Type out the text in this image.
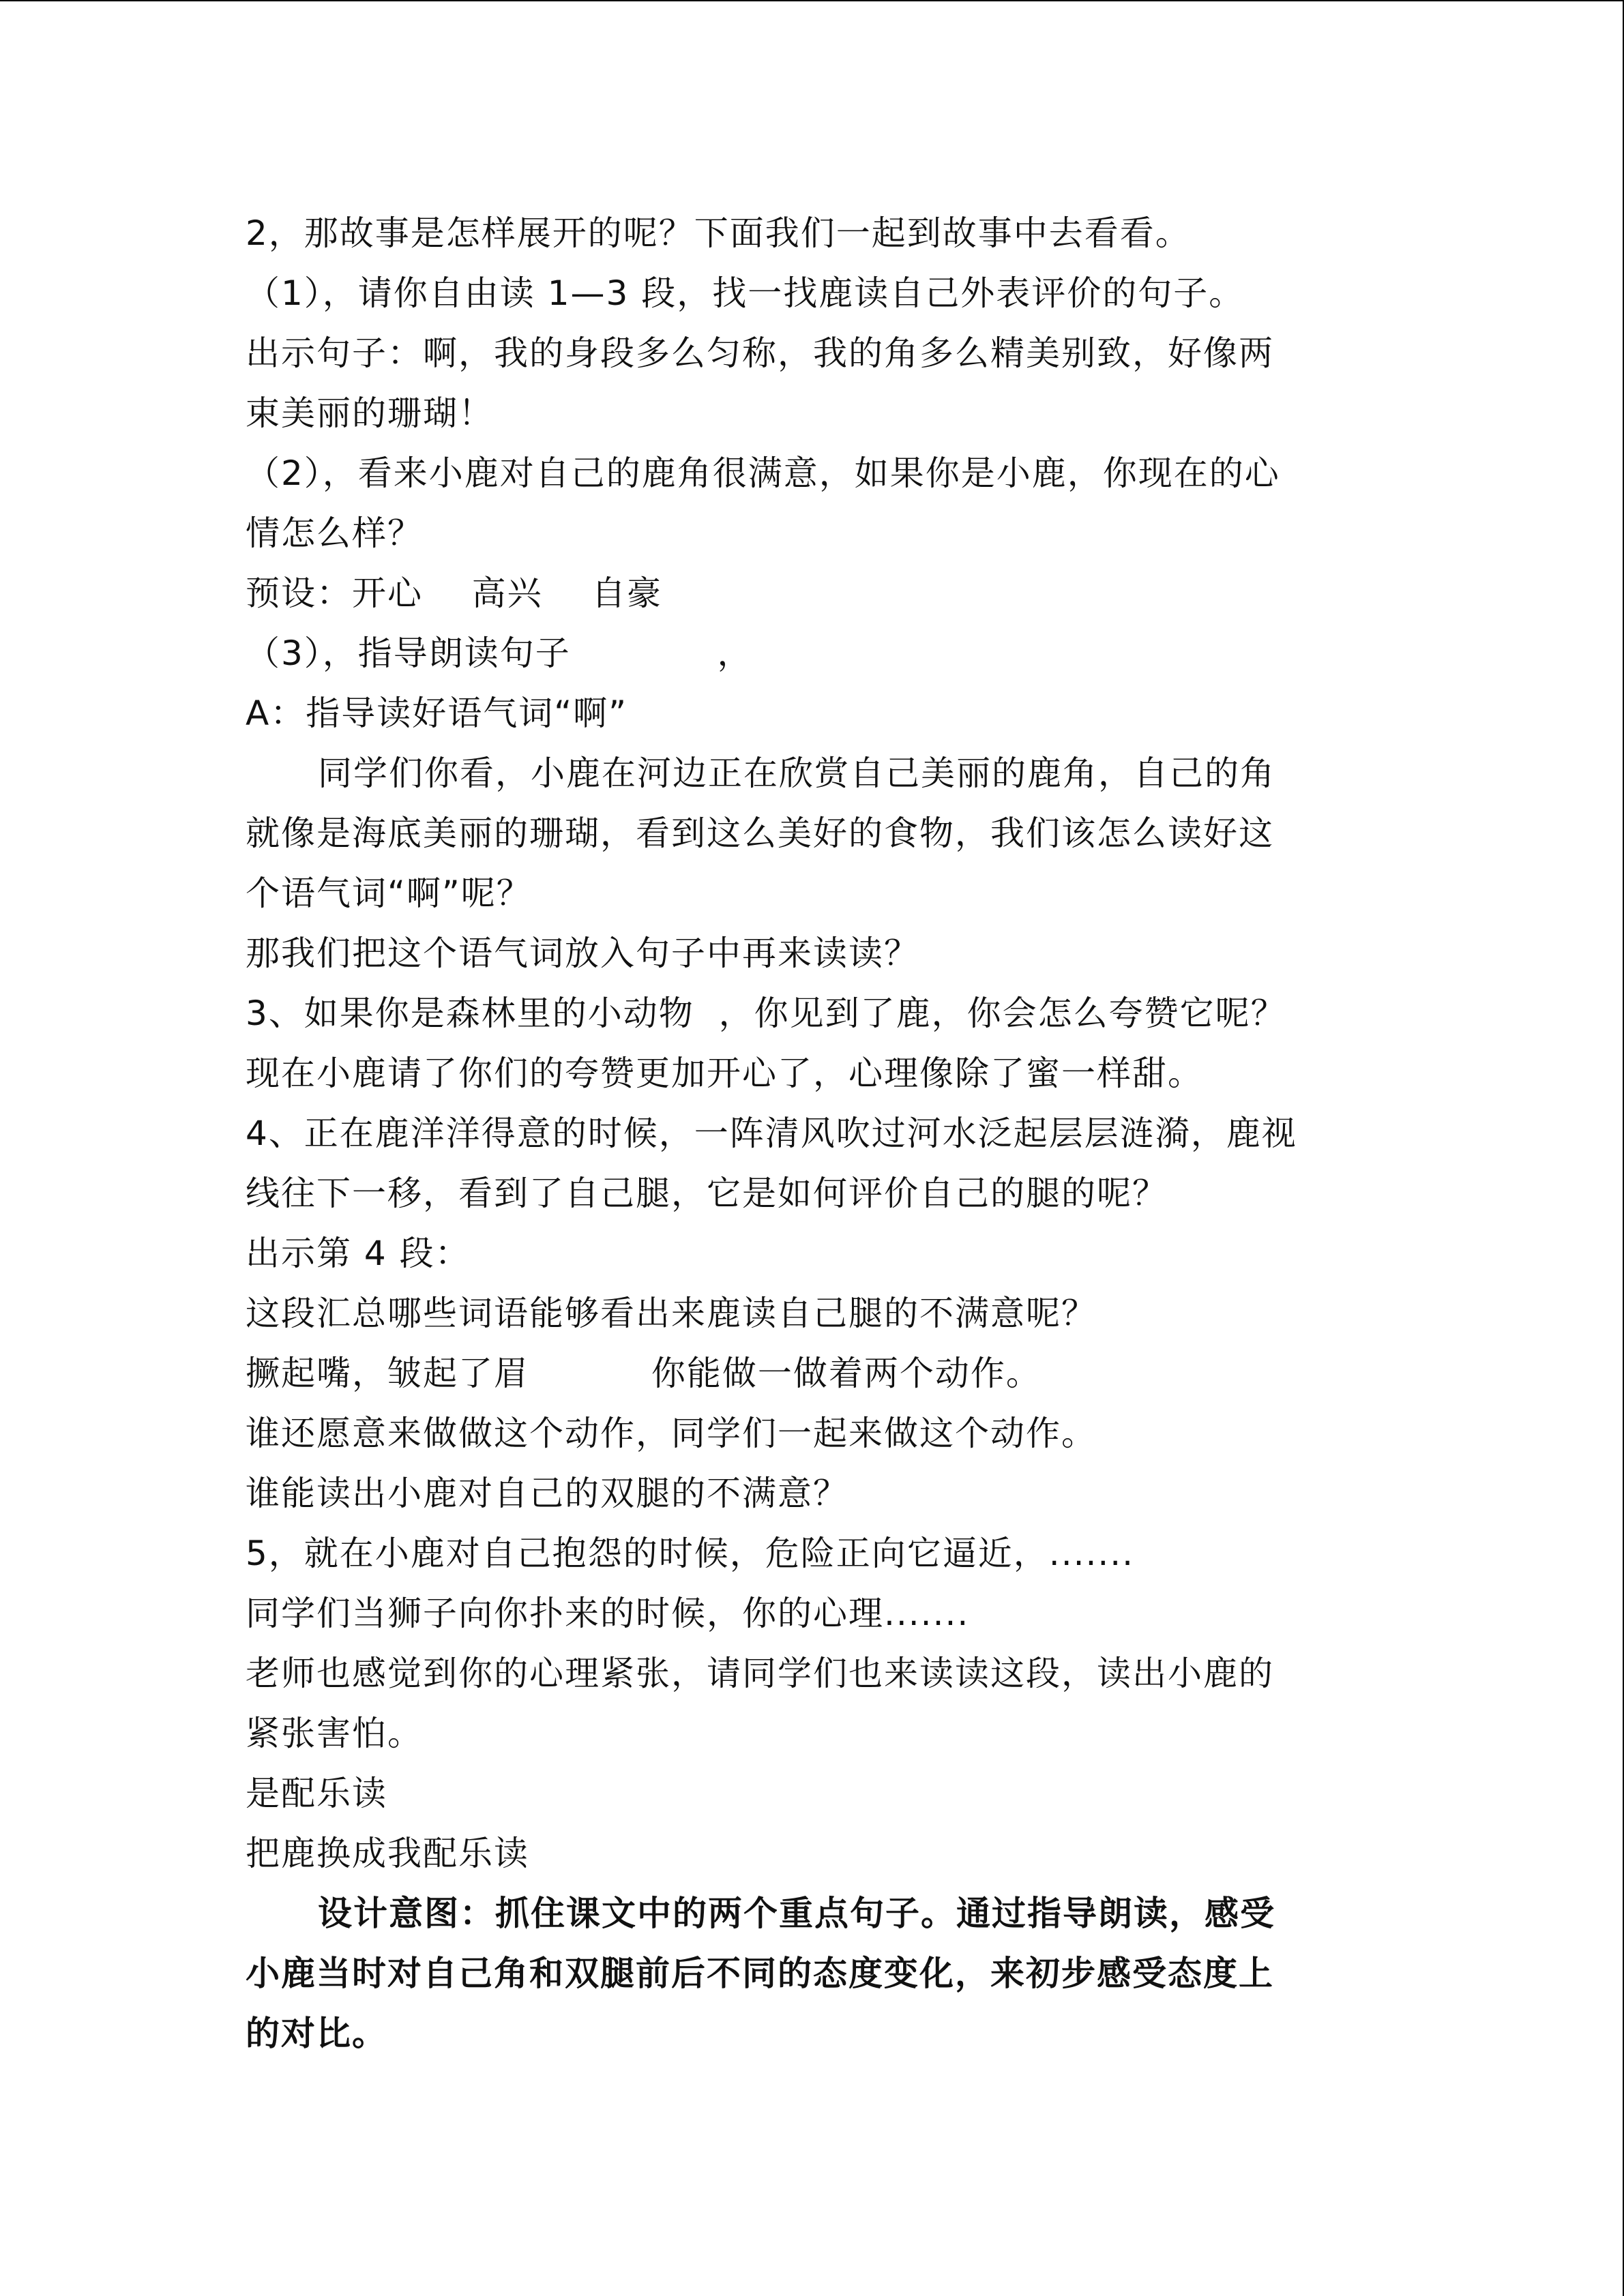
2，那故事是怎样展开的呢？下面我们一起到故事中去看看。
（1），请你自由读 1—3 段，找一找鹿读自己外表评价的句子。
出示句子：啊，我的身段多么匀称，我的角多么精美别致，好像两
束美丽的珊瑚！
（2），看来小鹿对自己的鹿角很满意，如果你是小鹿，你现在的心
情怎么样？
预设：开心    高兴    自豪
（3），指导朗读句子            ，
A：指导读好语气词“啊”
同学们你看，小鹿在河边正在欣赏自己美丽的鹿角，自己的角
就像是海底美丽的珊瑚，看到这么美好的食物，我们该怎么读好这
个语气词“啊”呢？
那我们把这个语气词放入句子中再来读读？
3、如果你是森林里的小动物  ，你见到了鹿，你会怎么夸赞它呢？
现在小鹿请了你们的夸赞更加开心了，心理像除了蜜一样甜。
4、正在鹿洋洋得意的时候，一阵清风吹过河水泛起层层涟漪，鹿视
线往下一移，看到了自己腿，它是如何评价自己的腿的呢？
出示第 4 段：
这段汇总哪些词语能够看出来鹿读自己腿的不满意呢？
撅起嘴，皱起了眉          你能做一做着两个动作。
谁还愿意来做做这个动作，同学们一起来做这个动作。
谁能读出小鹿对自己的双腿的不满意？
5，就在小鹿对自己抱怨的时候，危险正向它逼近，.......
同学们当狮子向你扑来的时候，你的心理.......
老师也感觉到你的心理紧张，请同学们也来读读这段，读出小鹿的
紧张害怕。
是配乐读
把鹿换成我配乐读
设计意图：抓住课文中的两个重点句子。通过指导朗读，感受
小鹿当时对自己角和双腿前后不同的态度变化，来初步感受态度上
的对比。
